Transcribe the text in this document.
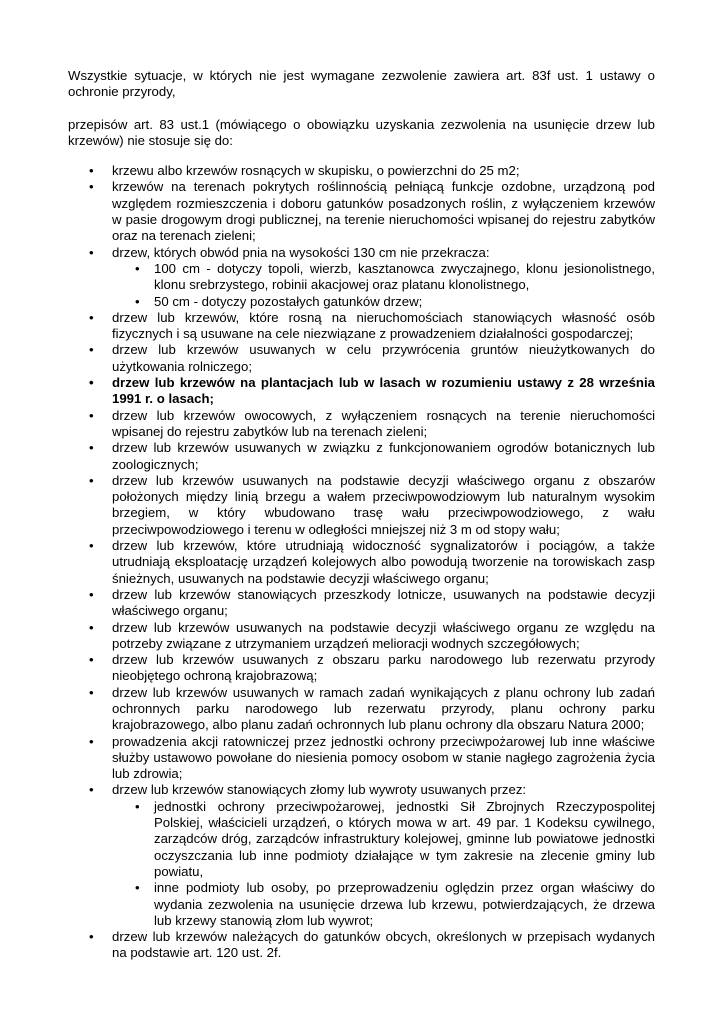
Wszystkie sytuacje, w których nie jest wymagane zezwolenie zawiera art. 83f ust. 1 ustawy o ochronie przyrody,

przepisów art. 83 ust.1 (mówiącego o obowiązku uzyskania zezwolenia na usunięcie drzew lub krzewów) nie stosuje się do:

• krzewu albo krzewów rosnących w skupisku, o powierzchni do 25 m2;
• krzewów na terenach pokrytych roślinnością pełniącą funkcje ozdobne, urządzoną pod względem rozmieszczenia i doboru gatunków posadzonych roślin, z wyłączeniem krzewów w pasie drogowym drogi publicznej, na terenie nieruchomości wpisanej do rejestru zabytków oraz na terenach zieleni;
• drzew, których obwód pnia na wysokości 130 cm nie przekracza:
• 100 cm - dotyczy topoli, wierzb, kasztanowca zwyczajnego, klonu jesionolistnego, klonu srebrzystego, robinii akacjowej oraz platanu klonolistnego,
• 50 cm - dotyczy pozostałych gatunków drzew;
• drzew lub krzewów, które rosną na nieruchomościach stanowiących własność osób fizycznych i są usuwane na cele niezwiązane z prowadzeniem działalności gospodarczej;
• drzew lub krzewów usuwanych w celu przywrócenia gruntów nieużytkowanych do użytkowania rolniczego;
• drzew lub krzewów na plantacjach lub w lasach w rozumieniu ustawy z 28 września 1991 r. o lasach;
• drzew lub krzewów owocowych, z wyłączeniem rosnących na terenie nieruchomości wpisanej do rejestru zabytków lub na terenach zieleni;
• drzew lub krzewów usuwanych w związku z funkcjonowaniem ogrodów botanicznych lub zoologicznych;
• drzew lub krzewów usuwanych na podstawie decyzji właściwego organu z obszarów położonych między linią brzegu a wałem przeciwpowodziowym lub naturalnym wysokim brzegiem, w który wbudowano trasę wału przeciwpowodziowego, z wału przeciwpowodziowego i terenu w odległości mniejszej niż 3 m od stopy wału;
• drzew lub krzewów, które utrudniają widoczność sygnalizatorów i pociągów, a także utrudniają eksploatację urządzeń kolejowych albo powodują tworzenie na torowiskach zasp śnieżnych, usuwanych na podstawie decyzji właściwego organu;
• drzew lub krzewów stanowiących przeszkody lotnicze, usuwanych na podstawie decyzji właściwego organu;
• drzew lub krzewów usuwanych na podstawie decyzji właściwego organu ze względu na potrzeby związane z utrzymaniem urządzeń melioracji wodnych szczegółowych;
• drzew lub krzewów usuwanych z obszaru parku narodowego lub rezerwatu przyrody nieobjętego ochroną krajobrazową;
• drzew lub krzewów usuwanych w ramach zadań wynikających z planu ochrony lub zadań ochronnych parku narodowego lub rezerwatu przyrody, planu ochrony parku krajobrazowego, albo planu zadań ochronnych lub planu ochrony dla obszaru Natura 2000;
• prowadzenia akcji ratowniczej przez jednostki ochrony przeciwpożarowej lub inne właściwe służby ustawowo powołane do niesienia pomocy osobom w stanie nagłego zagrożenia życia lub zdrowia;
• drzew lub krzewów stanowiących złomy lub wywroty usuwanych przez:
• jednostki ochrony przeciwpożarowej, jednostki Sił Zbrojnych Rzeczypospolitej Polskiej, właścicieli urządzeń, o których mowa w art. 49 par. 1 Kodeksu cywilnego, zarządców dróg, zarządców infrastruktury kolejowej, gminne lub powiatowe jednostki oczyszczania lub inne podmioty działające w tym zakresie na zlecenie gminy lub powiatu,
• inne podmioty lub osoby, po przeprowadzeniu oględzin przez organ właściwy do wydania zezwolenia na usunięcie drzewa lub krzewu, potwierdzających, że drzewa lub krzewy stanowią złom lub wywrot;
• drzew lub krzewów należących do gatunków obcych, określonych w przepisach wydanych na podstawie art. 120 ust. 2f.
